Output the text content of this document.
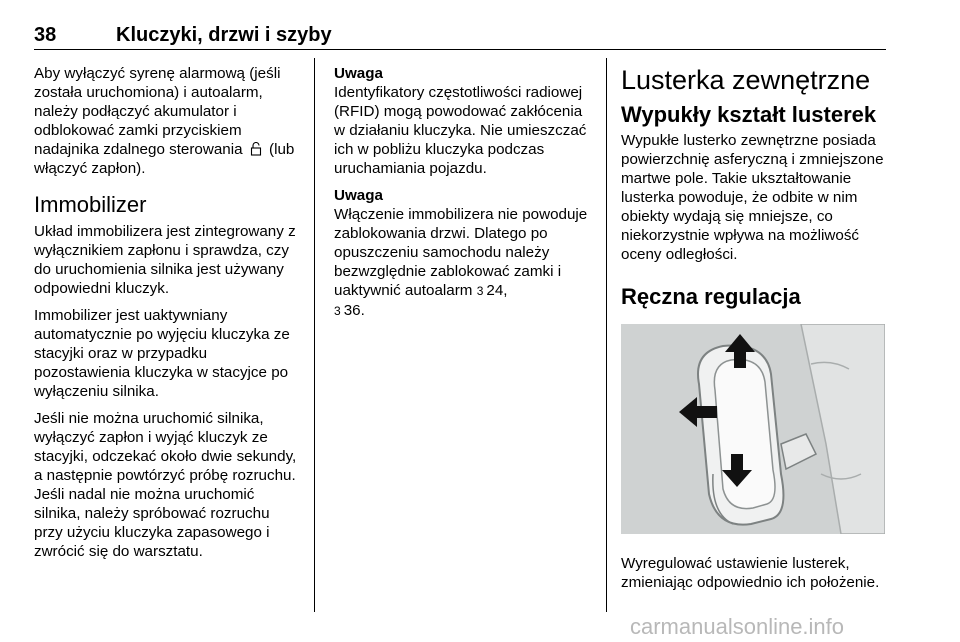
38	Kluczyki, drzwi i szyby

Aby wyłączyć syrenę alarmową (jeśli została uruchomiona) i autoalarm, należy podłączyć akumulator i odblokować zamki przyciskiem nadajnika zdalnego sterowania (lub włączyć zapłon).

Immobilizer

Układ immobilizera jest zintegrowany z wyłącznikiem zapłonu i sprawdza, czy do uruchomienia silnika jest używany odpowiedni kluczyk.

Immobilizer jest uaktywniany automatycznie po wyjęciu kluczyka ze stacyjki oraz w przypadku pozostawienia kluczyka w stacyjce po wyłączeniu silnika.

Jeśli nie można uruchomić silnika, wyłączyć zapłon i wyjąć kluczyk ze stacyjki, odczekać około dwie sekundy, a następnie powtórzyć próbę rozruchu. Jeśli nadal nie można uruchomić silnika, należy spróbować rozruchu przy użyciu kluczyka zapasowego i zwrócić się do warsztatu.

Uwaga

Identyfikatory częstotliwości radiowej (RFID) mogą powodować zakłócenia w działaniu kluczyka. Nie umieszczać ich w pobliżu kluczyka podczas uruchamiania pojazdu.

Uwaga

Włączenie immobilizera nie powoduje zablokowania drzwi. Dlatego po opuszczeniu samochodu należy bezwzględnie zablokować zamki i uaktywnić autoalarm 3 24,
3 36.

Lusterka zewnętrzne
Wypukły kształt lusterek

Wypukłe lusterko zewnętrzne posiada powierzchnię asferyczną i zmniejszone martwe pole. Takie ukształtowanie lusterka powoduje, że odbite w nim obiekty wydają się mniejsze, co niekorzystnie wpływa na możliwość oceny odległości.

Ręczna regulacja

Wyregulować ustawienie lusterek, zmieniając odpowiednio ich położenie.

carmanualsonline.info
